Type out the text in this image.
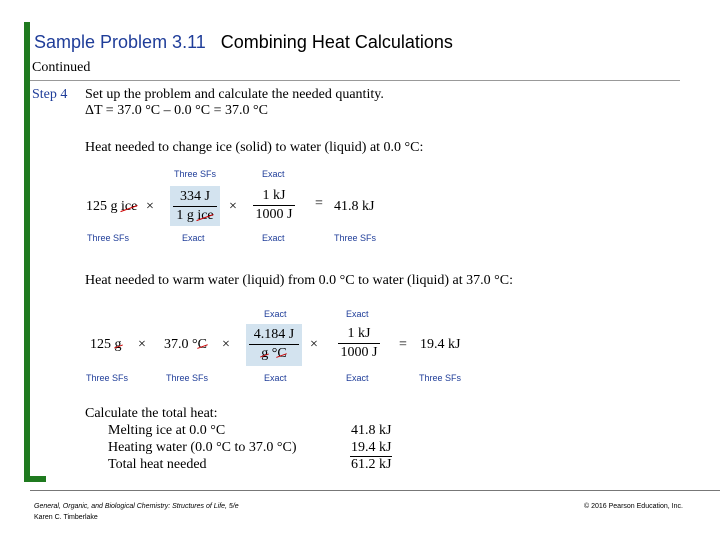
Sample Problem 3.11 Combining Heat Calculations
Continued
Step 4 Set up the problem and calculate the needed quantity.
ΔT = 37.0 °C – 0.0 °C = 37.0 °C
Heat needed to change ice (solid) to water (liquid) at 0.0 °C:
Three SFs	Exact
125 g ice ×
334 J
1 g ice
×
1 kJ
1000 J
= 41.8 kJ
Three SFs	Exact	Exact	Three SFs
Heat needed to warm water (liquid) from 0.0 °C to water (liquid) at 37.0 °C:
Exact	Exact
125 g × 37.0 °C ×
4.184 J
g °C
×
1 kJ
1000 J
= 19.4 kJ
Three SFs	Three SFs	Exact	Exact	Three SFs
Calculate the total heat:
Melting ice at 0.0 °C	41.8 kJ
Heating water (0.0 °C to 37.0 °C)	19.4 kJ
Total heat needed	61.2 kJ
General, Organic, and Biological Chemistry: Structures of Life, 5/e
Karen C. Timberlake
© 2016 Pearson Education, Inc.
